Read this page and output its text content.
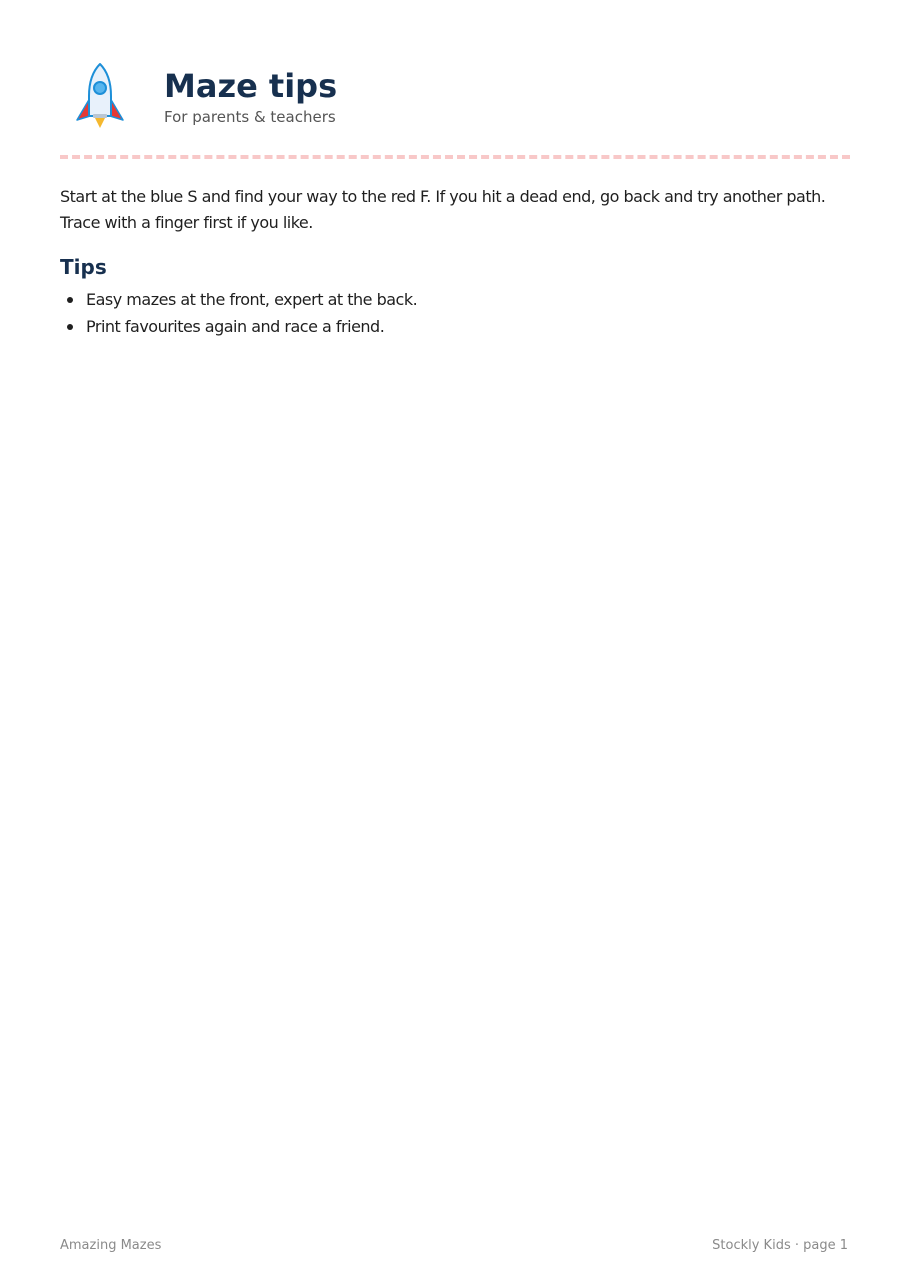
Maze tips

For parents & teachers

Start at the blue S and find your way to the red F. If you hit a dead end, go back and try another path. Trace with a finger first if you like.

Tips
Easy mazes at the front, expert at the back.
Print favourites again and race a friend.
Amazing Mazes	Stockly Kids · page 1
